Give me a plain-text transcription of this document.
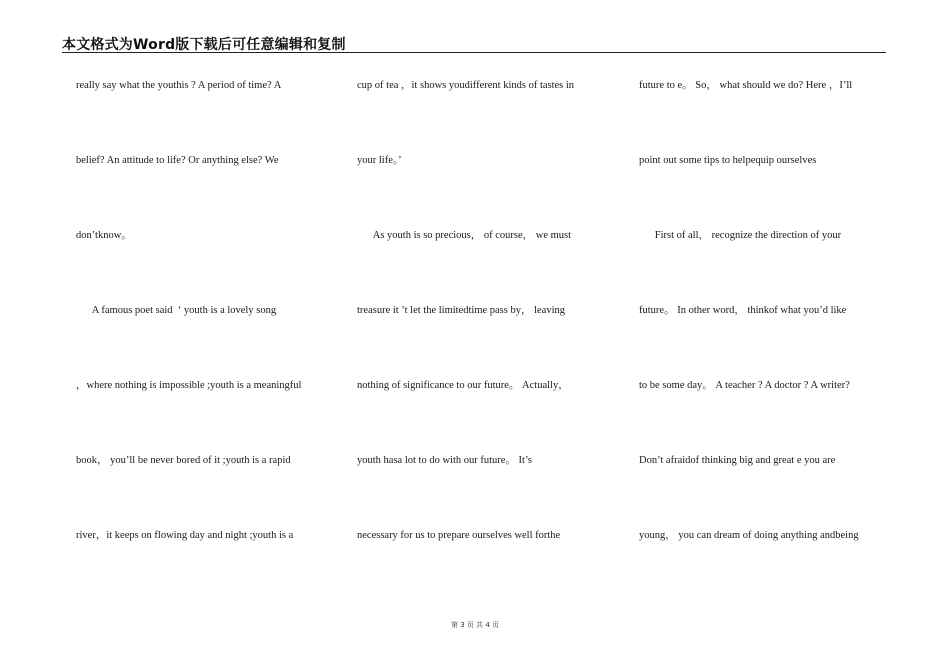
本文格式为Word版下载后可任意编辑和复制
really say what the youthis ? A period of time? A
belief? An attitude to life? Or anything else? We
don’tknow。
A famous poet said  ‘ youth is a lovely song
，where nothing is impossible ;youth is a meaningful
book， you’ll be never bored of it ;youth is a rapid
river，it keeps on flowing day and night ;youth is a
cup of tea ，it shows youdifferent kinds of tastes in
your life。’
As youth is so precious， of course， we must
treasure it ’t let the limitedtime pass by， leaving
nothing of significance to our future。 Actually，
youth hasa lot to do with our future。 It’s
necessary for us to prepare ourselves well forthe
future to e。 So， what should we do? Here ，I’ll
point out some tips to helpequip ourselves
First of all， recognize the direction of your
future。 In other word， thinkof what you’d like
to be some day。 A teacher ? A doctor ? A writer?
Don’t afraidof thinking big and great e you are
young， you can dream of doing anything andbeing
第 3 页 共 4 页
